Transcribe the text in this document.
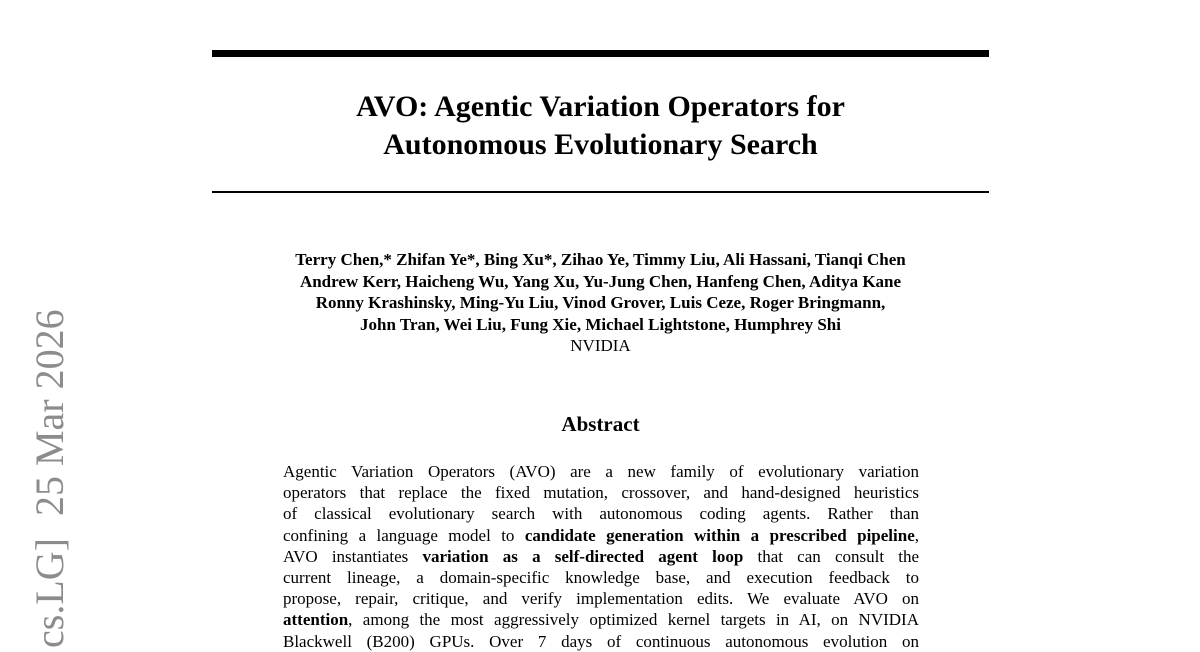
AVO: Agentic Variation Operators for
Autonomous Evolutionary Search
Terry Chen,* Zhifan Ye*, Bing Xu*, Zihao Ye, Timmy Liu, Ali Hassani, Tianqi Chen
Andrew Kerr, Haicheng Wu, Yang Xu, Yu-Jung Chen, Hanfeng Chen, Aditya Kane
Ronny Krashinsky, Ming-Yu Liu, Vinod Grover, Luis Ceze, Roger Bringmann,
John Tran, Wei Liu, Fung Xie, Michael Lightstone, Humphrey Shi
NVIDIA
Abstract
Agentic Variation Operators (AVO) are a new family of evolutionary variation
operators that replace the fixed mutation, crossover, and hand-designed heuristics
of classical evolutionary search with autonomous coding agents. Rather than
confining a language model to candidate generation within a prescribed pipeline,
AVO instantiates variation as a self-directed agent loop that can consult the
current lineage, a domain-specific knowledge base, and execution feedback to
propose, repair, critique, and verify implementation edits. We evaluate AVO on
attention, among the most aggressively optimized kernel targets in AI, on NVIDIA
Blackwell (B200) GPUs. Over 7 days of continuous autonomous evolution on
cs.LG]25 Mar 2026
